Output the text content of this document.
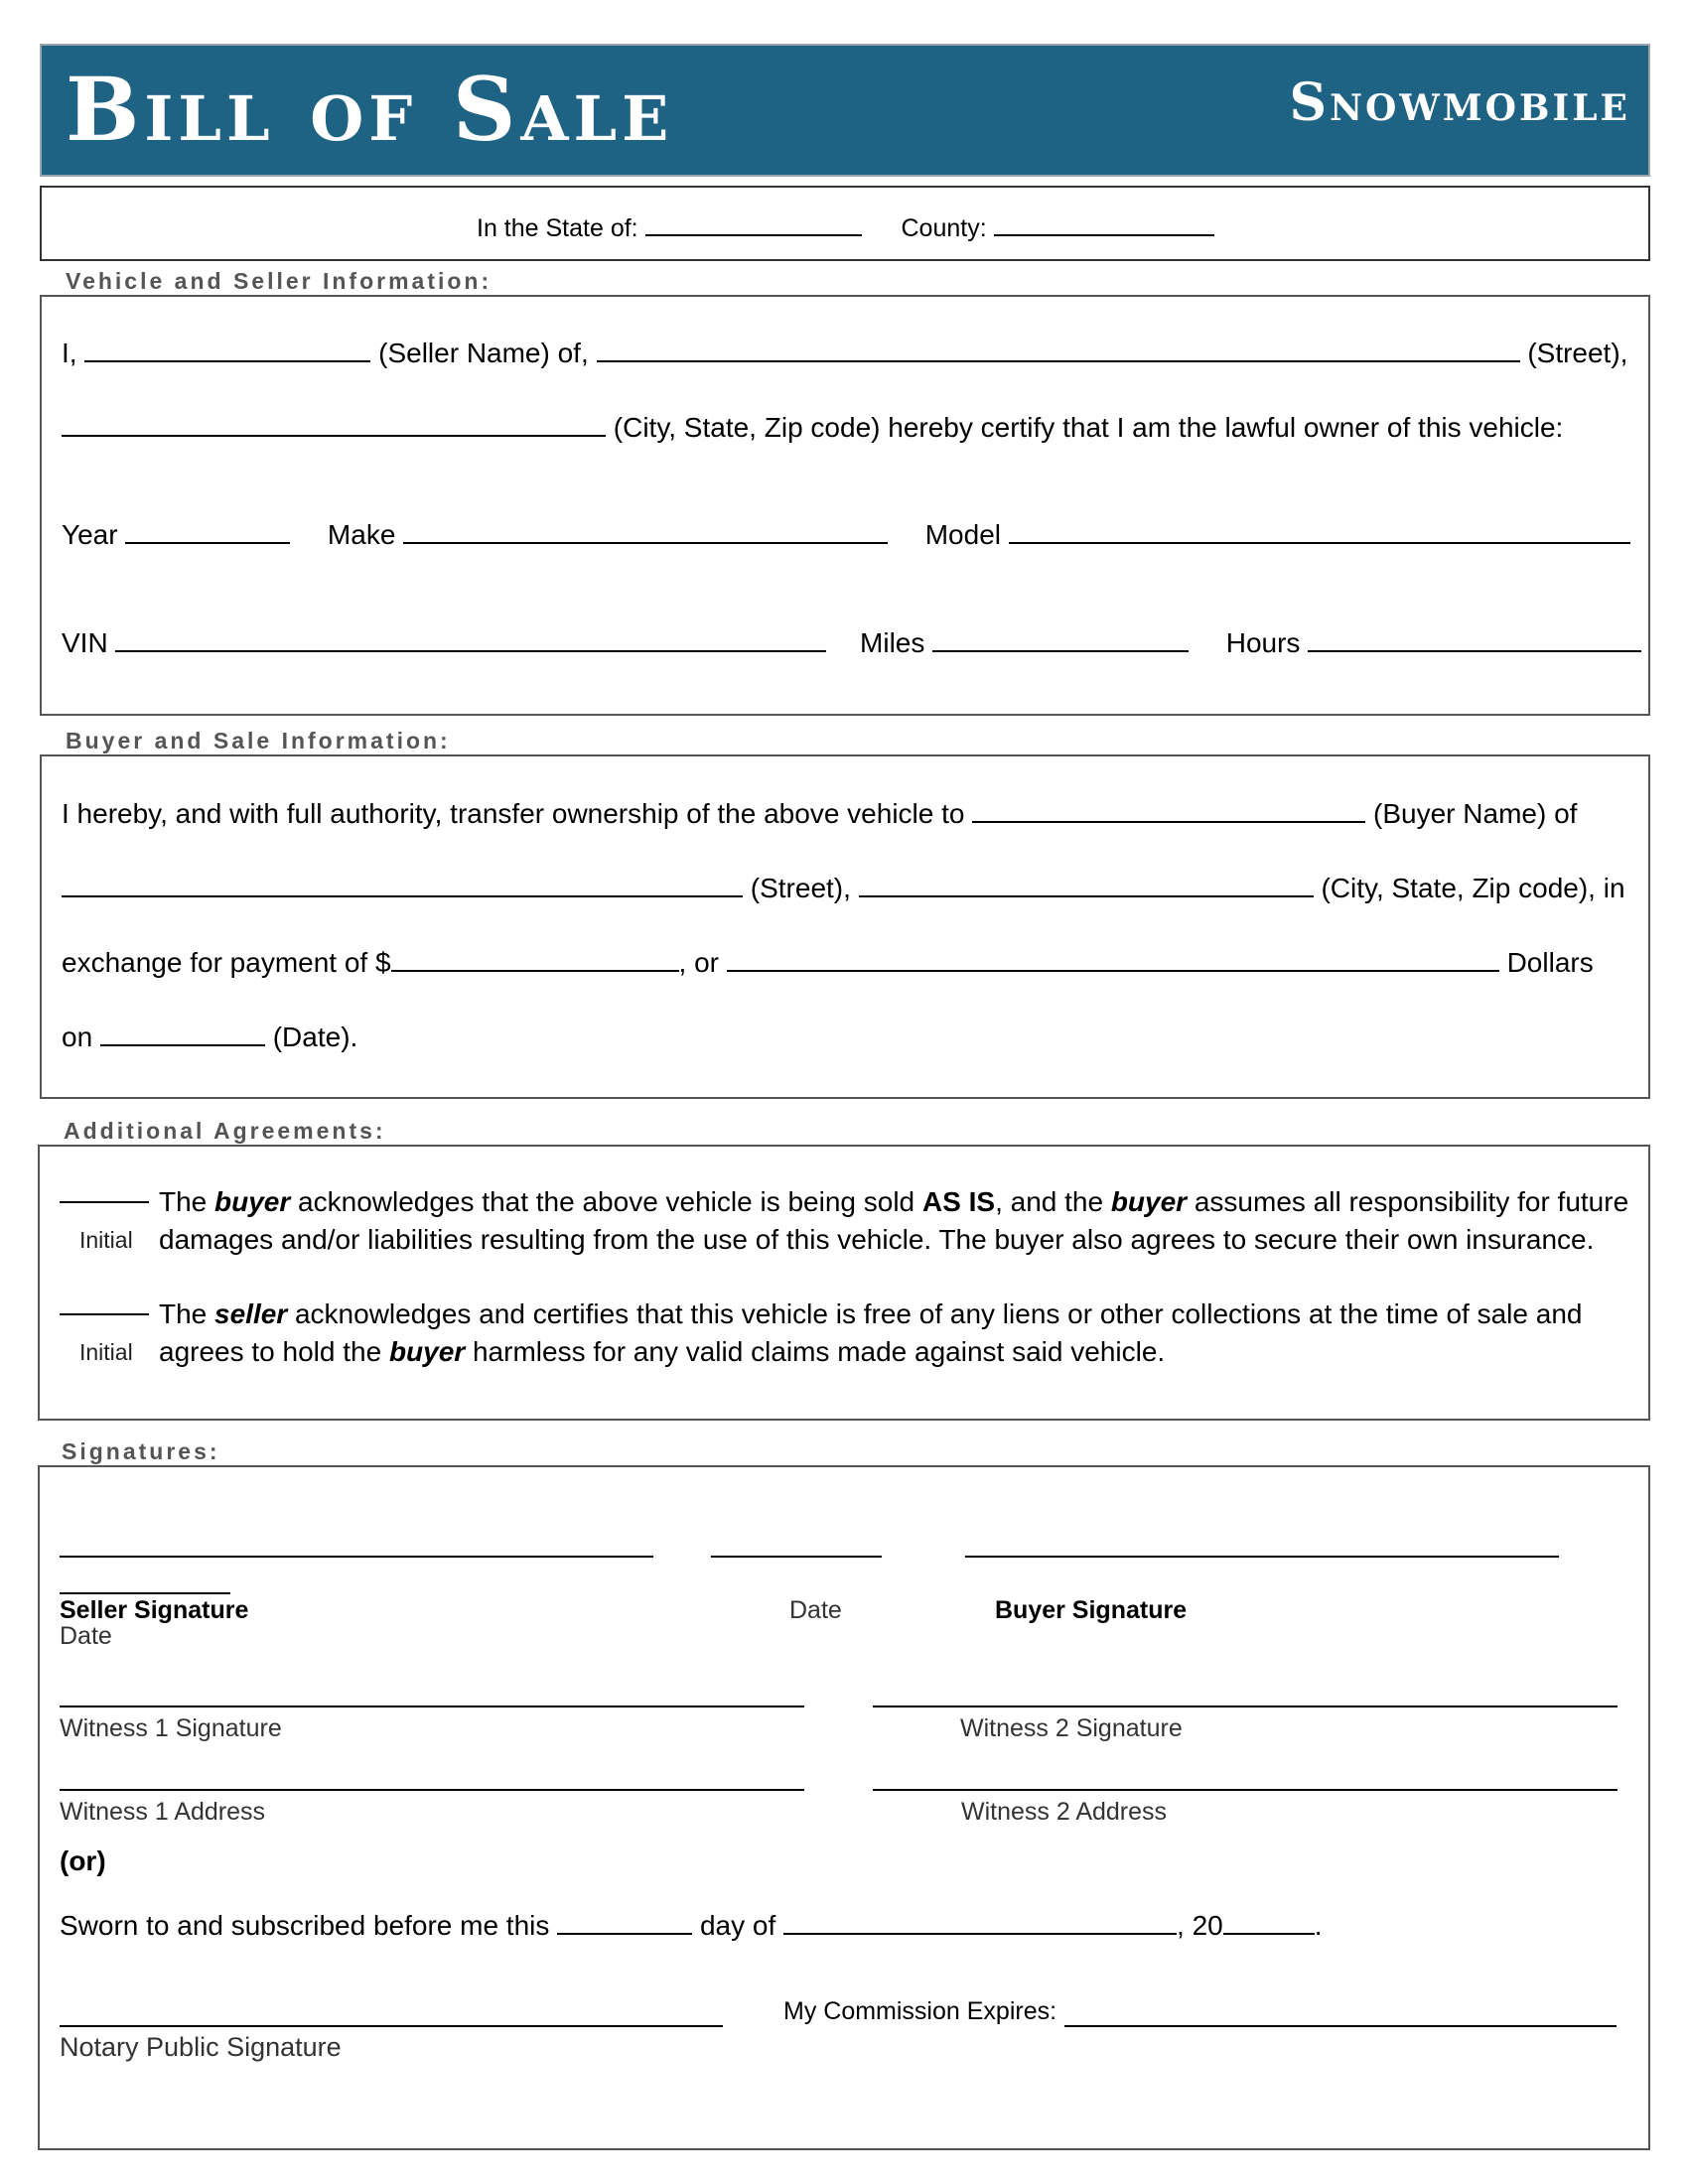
Bill of Sale	Snowmobile
In the State of:	County:
Vehicle and Seller Information:
I,	(Seller Name) of,	(Street),
(City, State, Zip code) hereby certify that I am the lawful owner of this vehicle:
Year	Make	Model
VIN	Miles	Hours
Buyer and Sale Information:
I hereby, and with full authority, transfer ownership of the above vehicle to	(Buyer Name) of
(Street),	(City, State, Zip code), in
exchange for payment of $	, or	Dollars
on	(Date).
Additional Agreements:
Initial
The buyer acknowledges that the above vehicle is being sold AS IS, and the buyer assumes all responsibility for future damages and/or liabilities resulting from the use of this vehicle. The buyer also agrees to secure their own insurance.
Initial
The seller acknowledges and certifies that this vehicle is free of any liens or other collections at the time of sale and agrees to hold the buyer harmless for any valid claims made against said vehicle.
Signatures:
Seller Signature
Date
Date	Buyer Signature
Witness 1 Signature	Witness 2 Signature
Witness 1 Address	Witness 2 Address
(or)
Sworn to and subscribed before me this	day of	, 20	.
My Commission Expires:
Notary Public Signature
